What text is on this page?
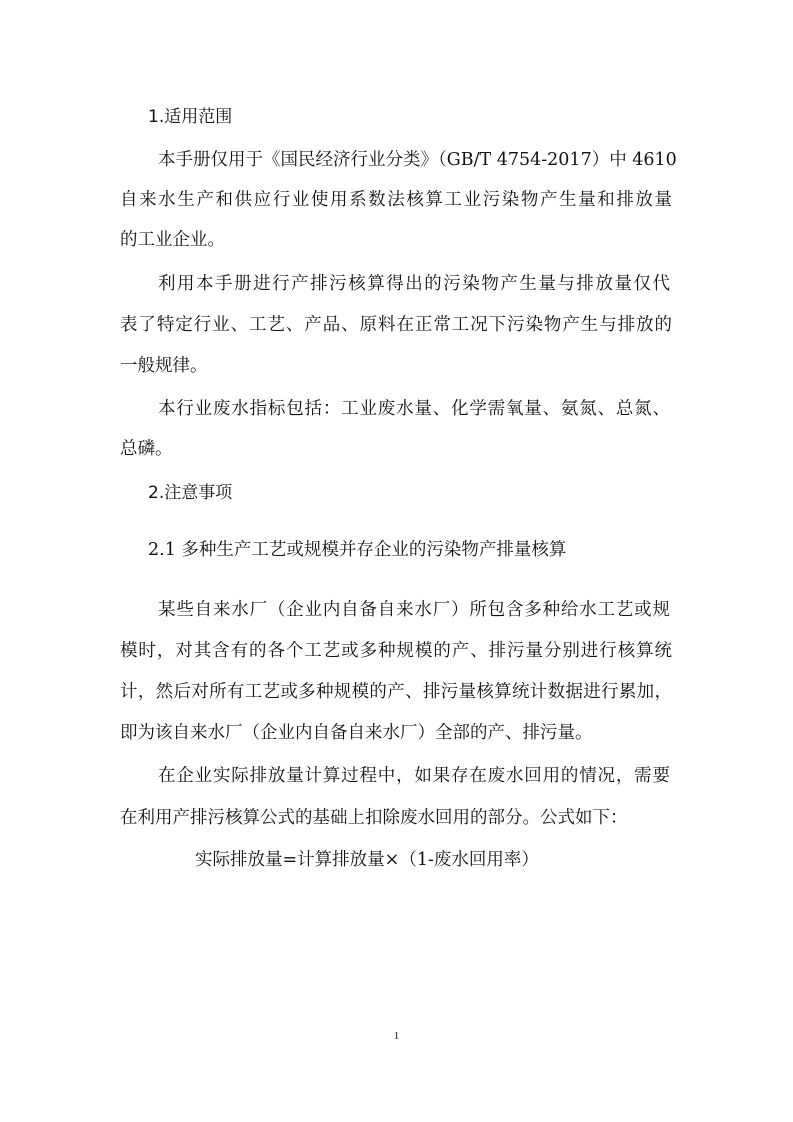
1.适用范围
本手册仅用于《国民经济行业分类》（GB/T 4754-2017）中 4610
自来水生产和供应行业使用系数法核算工业污染物产生量和排放量
的工业企业。
利用本手册进行产排污核算得出的污染物产生量与排放量仅代
表了特定行业、工艺、产品、原料在正常工况下污染物产生与排放的
一般规律。
本行业废水指标包括：工业废水量、化学需氧量、氨氮、总氮、
总磷。
2.注意事项
2.1 多种生产工艺或规模并存企业的污染物产排量核算
某些自来水厂（企业内自备自来水厂）所包含多种给水工艺或规
模时，对其含有的各个工艺或多种规模的产、排污量分别进行核算统
计，然后对所有工艺或多种规模的产、排污量核算统计数据进行累加，
即为该自来水厂（企业内自备自来水厂）全部的产、排污量。
在企业实际排放量计算过程中，如果存在废水回用的情况，需要
在利用产排污核算公式的基础上扣除废水回用的部分。公式如下：
实际排放量=计算排放量×（1-废水回用率）
1
